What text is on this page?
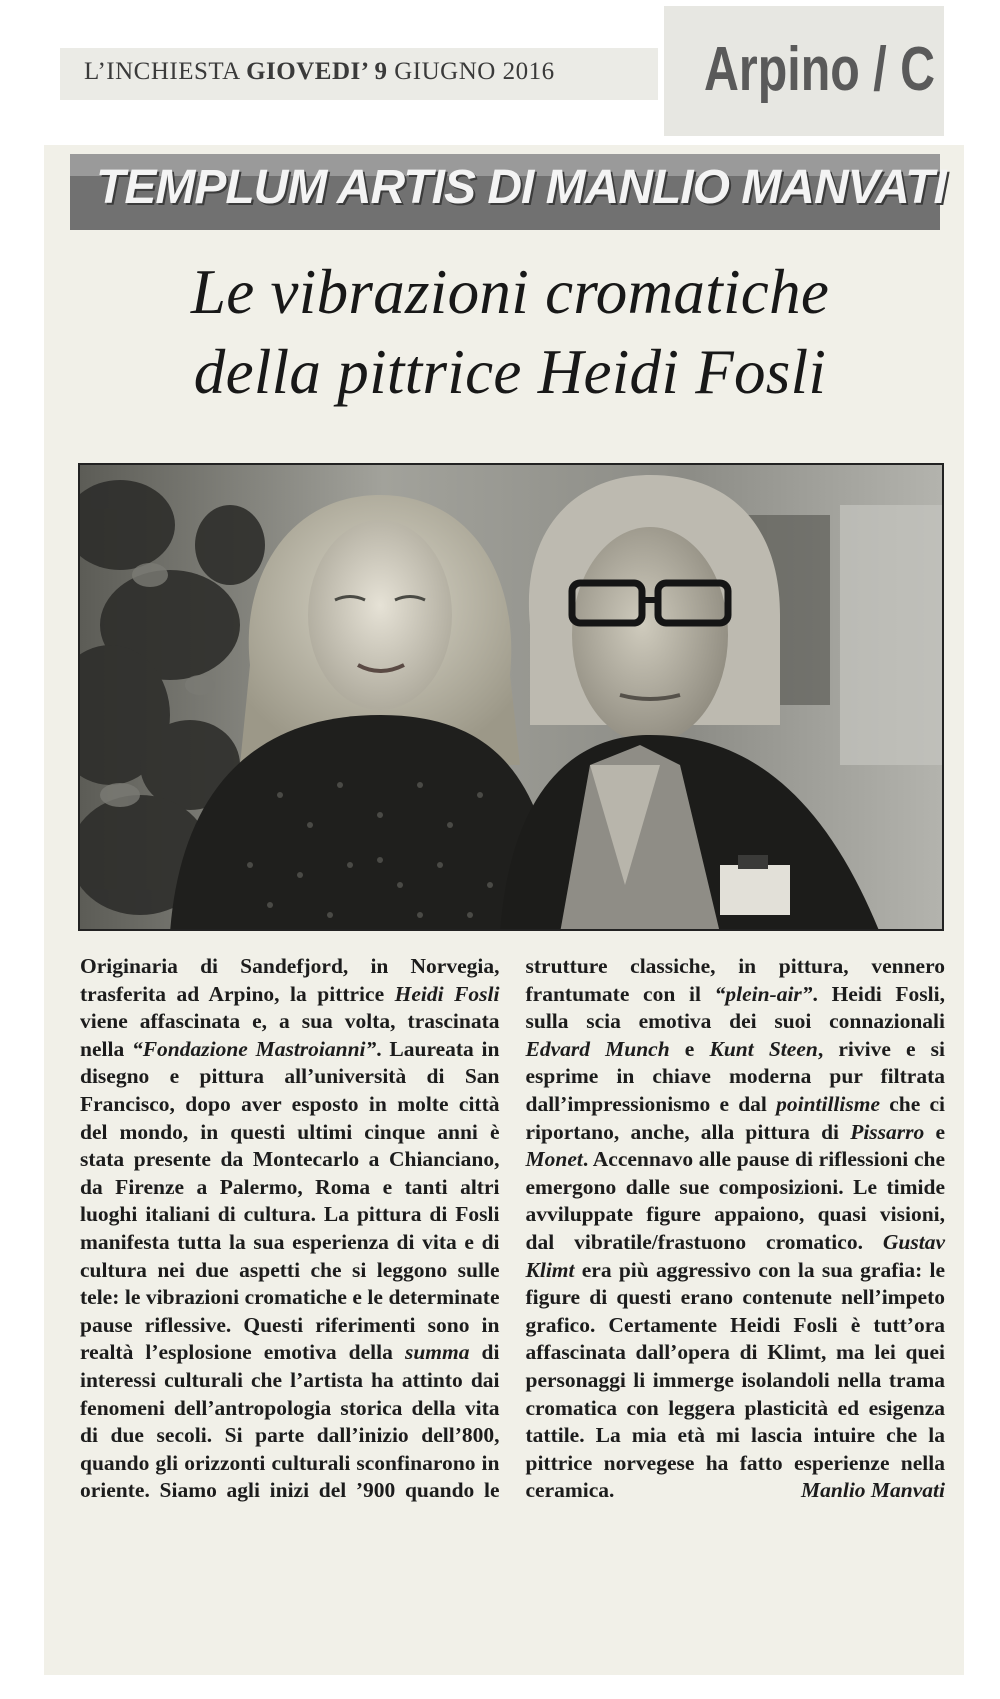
L’INCHIESTA GIOVEDI’ 9 GIUGNO 2016 Arpino / C
TEMPLUM ARTIS DI MANLIO MANVATI
Le vibrazioni cromatiche
della pittrice Heidi Fosli

Originaria di Sandefjord, in Norvegia, trasferita ad Arpino, la pittrice Heidi Fosli viene affascinata e, a sua volta, trascinata nella “Fondazione Mastroianni”. Laureata in disegno e pittura all’università di San Francisco, dopo aver esposto in molte città del mondo, in questi ultimi cinque anni è stata presente da Montecarlo a Chianciano, da Firenze a Palermo, Roma e tanti altri luoghi italiani di cultura. La pittura di Fosli manifesta tutta la sua esperienza di vita e di cultura nei due aspetti che si leggono sulle tele: le vibrazioni cromatiche e le determinate pause riflessive. Questi riferimenti sono in realtà l’esplosione emotiva della summa di interessi culturali che l’artista ha attinto dai fenomeni dell’antropologia storica della vita di due secoli. Si parte dall’inizio dell’800, quando gli orizzonti culturali sconfinarono in oriente. Siamo agli inizi del ’900 quando le strutture classiche, in pittura, vennero frantumate con il “plein-air”. Heidi Fosli, sulla scia emotiva dei suoi connazionali Edvard Munch e Kunt Steen, rivive e si esprime in chiave moderna pur filtrata dall’impressionismo e dal pointillisme che ci riportano, anche, alla pittura di Pissarro e Monet. Accennavo alle pause di riflessioni che emergono dalle sue composizioni. Le timide avviluppate figure appaiono, quasi visioni, dal vibratile/frastuono cromatico. Gustav Klimt era più aggressivo con la sua grafia: le figure di questi erano contenute nell’impeto grafico. Certamente Heidi Fosli è tutt’ora affascinata dall’opera di Klimt, ma lei quei personaggi li immerge isolandoli nella trama cromatica con leggera plasticità ed esigenza tattile. La mia età mi lascia intuire che la pittrice norvegese ha fatto esperienze nella ceramica.	Manlio Manvati
